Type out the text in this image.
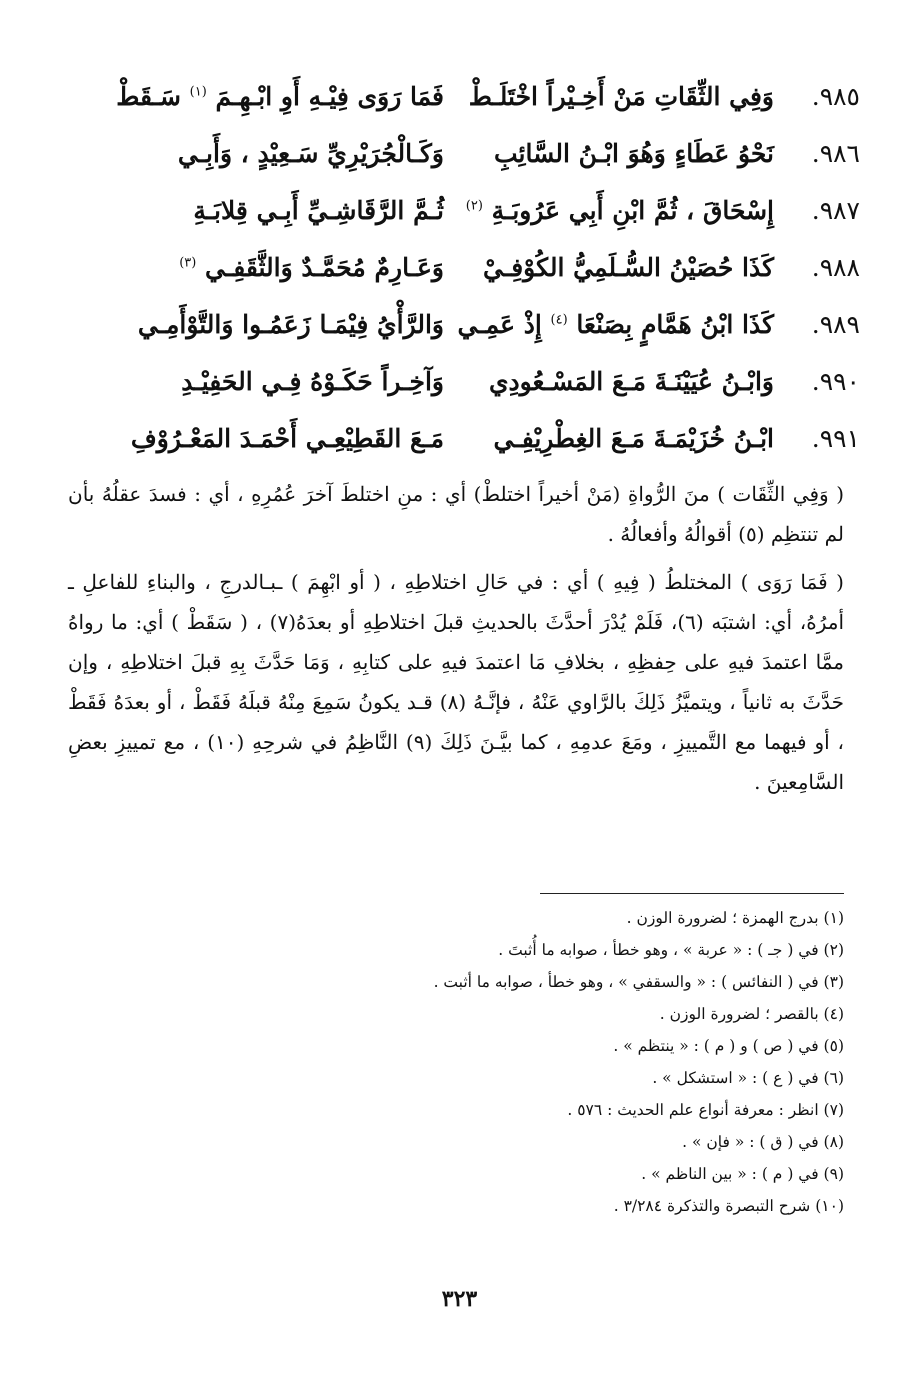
٩٨٥.
وَفِي الثِّقَاتِ مَنْ أَخِـيْراً اخْتَلَـطْ
فَمَا رَوَى فِيْـهِ أَوِ ابْـهِـمَ $^{(١)}$ سَـقَطْ
٩٨٦.
نَحْوُ عَطَاءٍ وَهُوَ ابْـنُ السَّائِبِ
وَكَـالْجُرَيْرِيِّ سَـعِيْدٍ ، وَأَبِـي
٩٨٧.
إِسْحَاقَ ، ثُمَّ ابْنِ أَبِي عَرُوبَـةِ $^{(٢)}$
ثُـمَّ الرَّقَاشِـيِّ أَبِـي قِلابَـةِ
٩٨٨.
كَذَا حُصَيْنُ السُّـلَمِيُّ الكُوْفِـيْ
وَعَـارِمٌ مُحَمَّـدٌ وَالثَّقَفِـي $^{(٣)}$
٩٨٩.
كَذَا ابْنُ هَمَّامٍ بِصَنْعَا $^{(٤)}$ إِذْ عَمِـي
وَالرَّأْيُ فِيْمَـا زَعَمُـوا وَالتَّوْأَمِـي
٩٩٠.
وَابْـنُ عُيَيْنَـةَ مَـعَ المَسْـعُودِي
وَآخِـراً حَكَـوْهُ فِـي الحَفِيْـدِ
٩٩١.
ابْـنُ خُزَيْمَـةَ مَـعَ الغِطْرِيْفِـي
مَـعَ القَطِيْعِـي أَحْمَـدَ المَعْـرُوْفِ

( وَفِي الثِّقَات ) منَ الرُّواةِ (مَنْ أخيراً اختلطْ) أي : منِ اختلطَ آخرَ عُمُرِهِ ، أي : فسدَ عقلُهُ بأن لم تنتظِم (٥) أقوالُهُ وأفعالُهُ .

( فَمَا رَوَى ) المختلطُ ( فِيهِ ) أي : في حَالِ اختلاطِهِ ، ( أو ابْهِمَ ) ـبـالدرجِ ، والبناءِ للفاعلِ ـ أمرُهُ، أي: اشتبَه (٦)، فَلَمْ يُدْرَ أحدَّثَ بالحديثِ قبلَ اختلاطِهِ أو بعدَهُ(٧) ، ( سَقَطْ ) أي: ما رواهُ ممَّا اعتمدَ فيهِ على حِفظِهِ ، بخلافِ مَا اعتمدَ فيهِ على كتابِهِ ، وَمَا حَدَّثَ بِهِ قبلَ اختلاطِهِ ، وإن حَدَّثَ به ثانياً ، ويتميَّزُ ذَلِكَ بالرَّاوي عَنْهُ ، فإنَّـهُ (٨) قـد يكونُ سَمِعَ مِنْهُ قبلَهُ فَقَطْ ، أو بعدَهُ فَقَطْ ، أو فيهما مع التَّمييزِ ، ومَعَ عدمِهِ ، كما بيَّـنَ ذَلِكَ (٩) النَّاظِمُ في شرحِهِ (١٠) ، مع تمييزِ بعضِ السَّامِعينَ .

(١) بدرج الهمزة ؛ لضرورة الوزن .
(٢) في ( جـ ) : « عربة » ، وهو خطأ ، صوابه ما أُثبتَ .
(٣) في ( النفائس ) : « والسقفي » ، وهو خطأ ، صوابه ما أثبت .
(٤) بالقصر ؛ لضرورة الوزن .
(٥) في ( ص ) و ( م ) : « ينتظم » .
(٦) في ( ع ) : « استشكل » .
(٧) انظر : معرفة أنواع علم الحديث : ٥٧٦ .
(٨) في ( ق ) : « فإن » .
(٩) في ( م ) : « بين الناظم » .
(١٠) شرح التبصرة والتذكرة ٣/٢٨٤ .
٣٢٣
